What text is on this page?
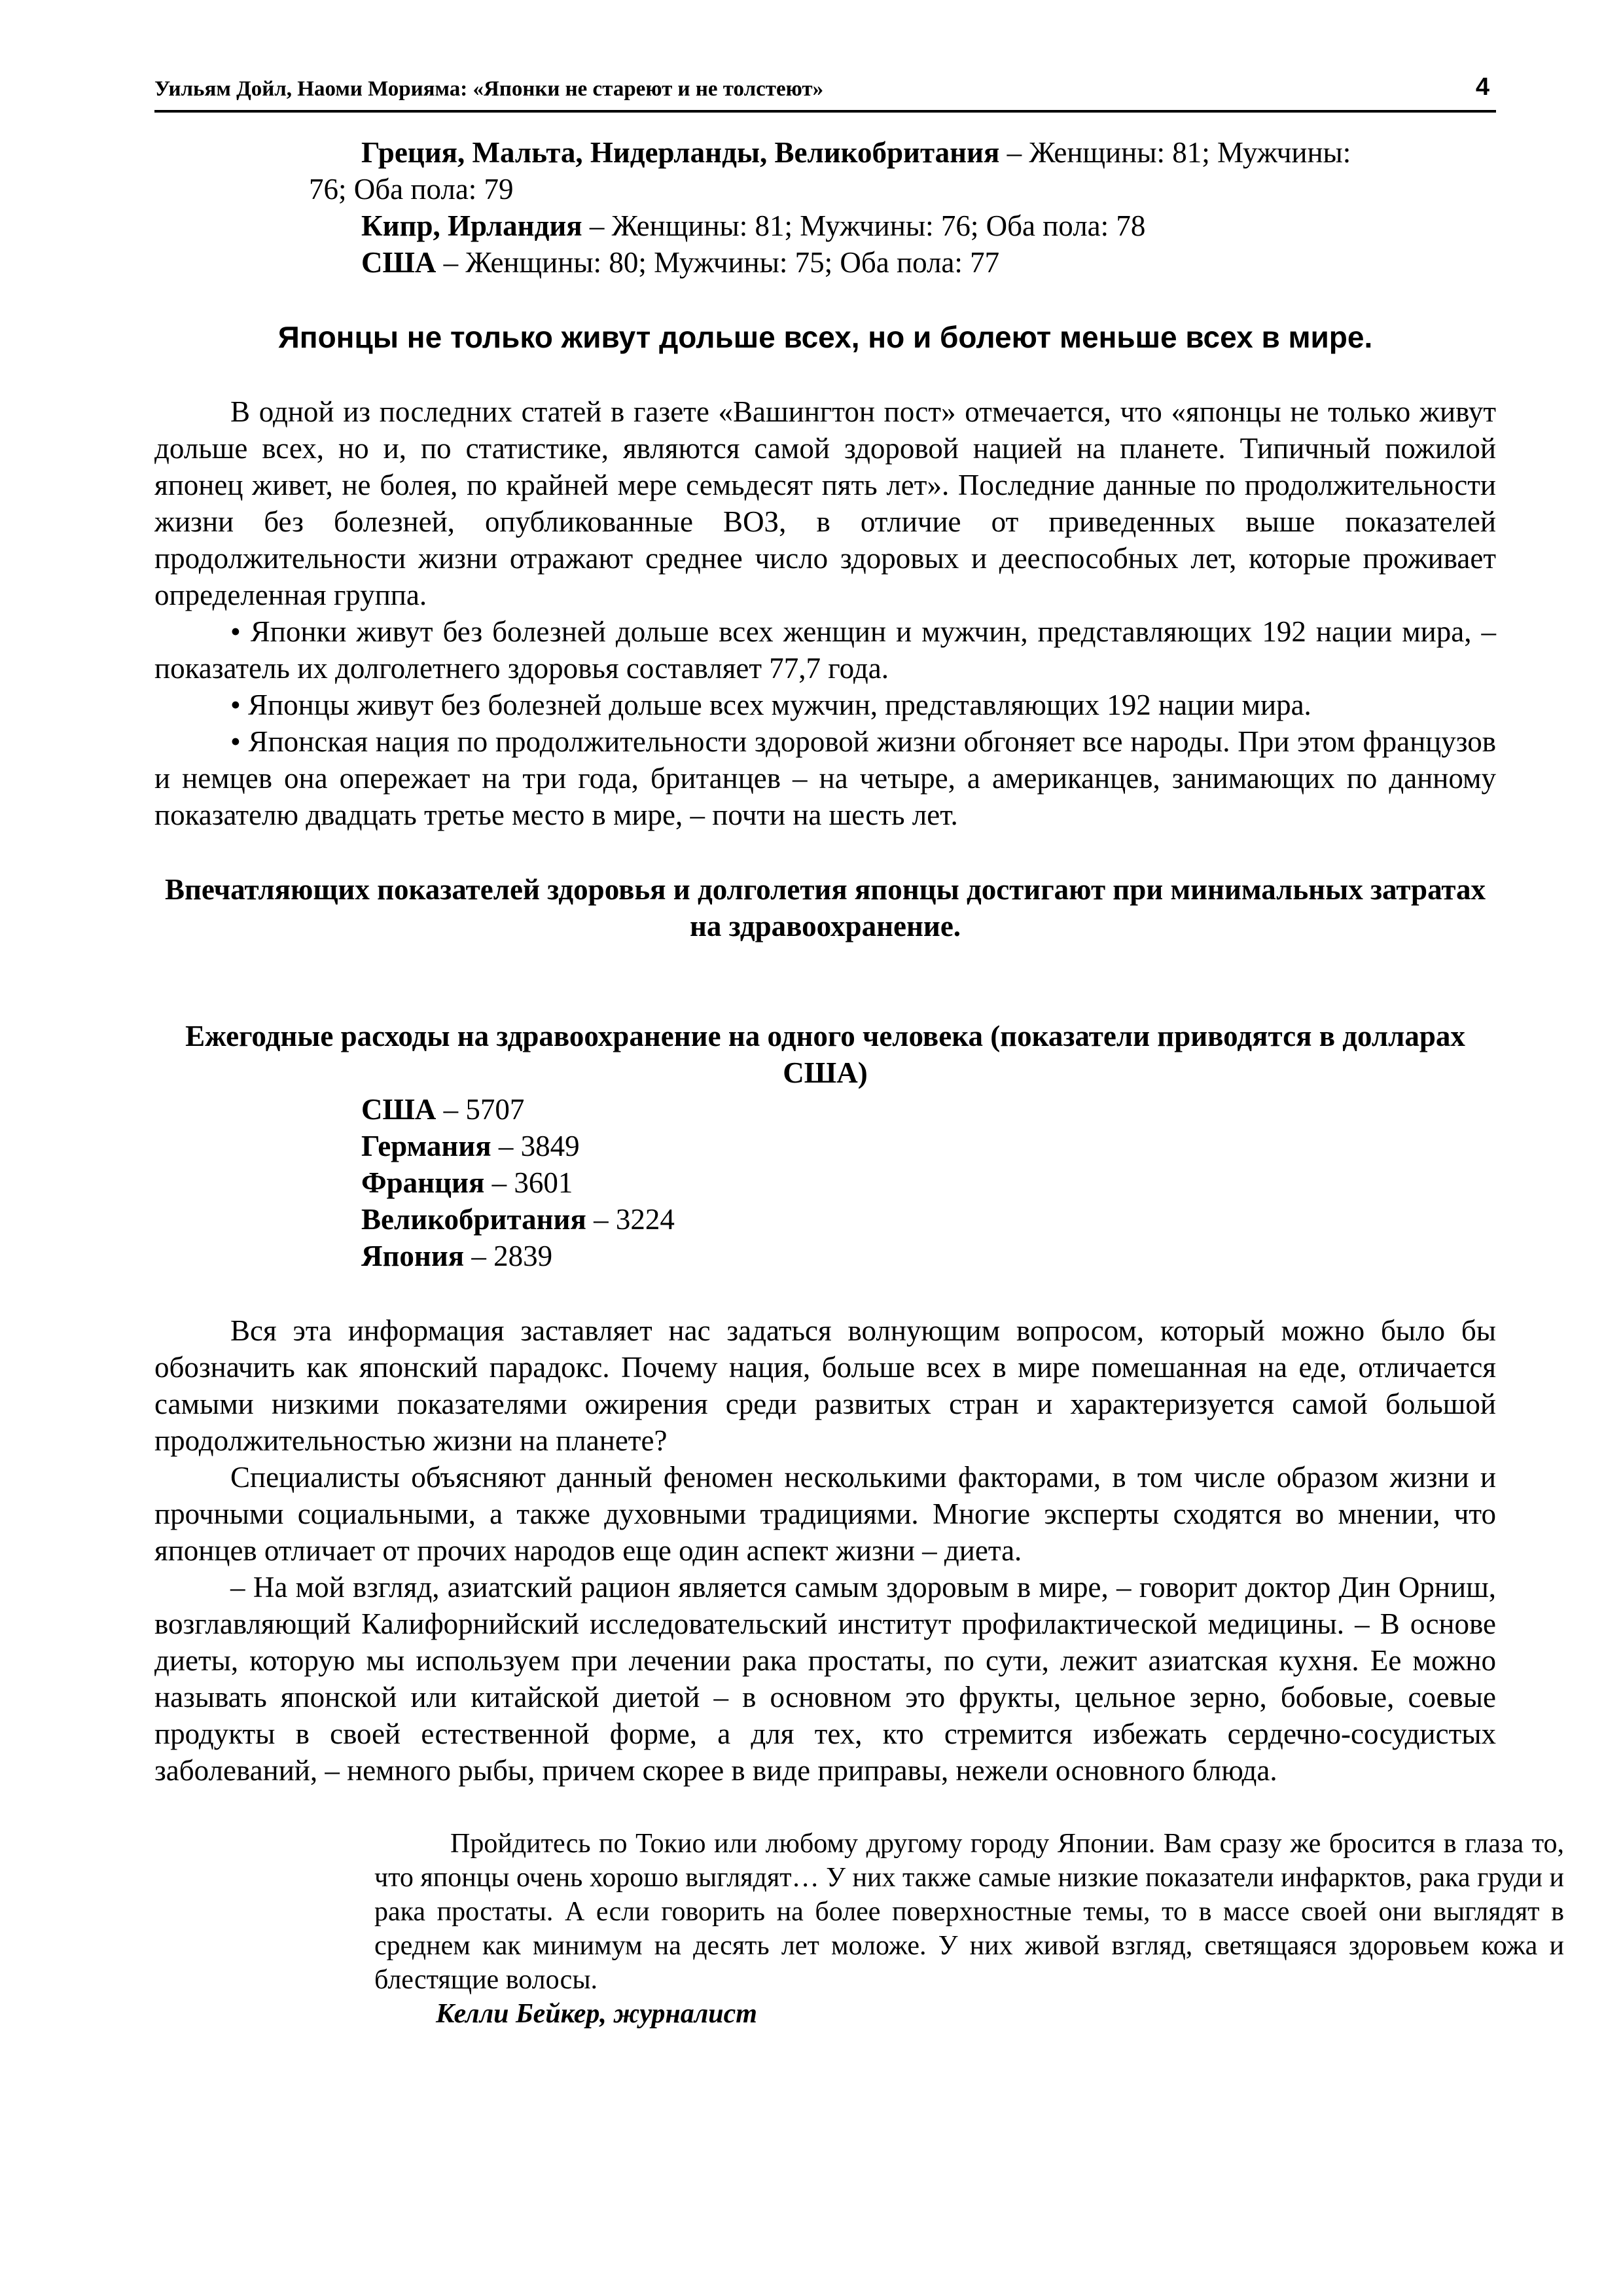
Уильям Дойл, Наоми Морияма: «Японки не стареют и не толстеют»	4
Греция, Мальта, Нидерланды, Великобритания – Женщины: 81; Мужчины:
76; Оба пола: 79
Кипр, Ирландия – Женщины: 81; Мужчины: 76; Оба пола: 78
США – Женщины: 80; Мужчины: 75; Оба пола: 77
Японцы не только живут дольше всех, но и болеют меньше всех в мире.

В одной из последних статей в газете «Вашингтон пост» отмечается, что «японцы не только живут дольше всех, но и, по статистике, являются самой здоровой нацией на планете. Типичный пожилой японец живет, не болея, по крайней мере семьдесят пять лет». Последние данные по продолжительности жизни без болезней, опубликованные ВОЗ, в отличие от приведенных выше показателей продолжительности жизни отражают среднее число здоровых и дееспособных лет, которые проживает определенная группа.

• Японки живут без болезней дольше всех женщин и мужчин, представляющих 192 нации мира, – показатель их долголетнего здоровья составляет 77,7 года.

• Японцы живут без болезней дольше всех мужчин, представляющих 192 нации мира.

• Японская нация по продолжительности здоровой жизни обгоняет все народы. При этом французов и немцев она опережает на три года, британцев – на четыре, а американцев, занимающих по данному показателю двадцать третье место в мире, – почти на шесть лет.

Впечатляющих показателей здоровья и долголетия японцы достигают при минимальных затратах на здравоохранение.
Ежегодные расходы на здравоохранение на одного человека (показатели приводятся в долларах США)
США – 5707
Германия – 3849
Франция – 3601
Великобритания – 3224
Япония – 2839

Вся эта информация заставляет нас задаться волнующим вопросом, который можно было бы обозначить как японский парадокс. Почему нация, больше всех в мире помешанная на еде, отличается самыми низкими показателями ожирения среди развитых стран и характеризуется самой большой продолжительностью жизни на планете?

Специалисты объясняют данный феномен несколькими факторами, в том числе образом жизни и прочными социальными, а также духовными традициями. Многие эксперты сходятся во мнении, что японцев отличает от прочих народов еще один аспект жизни – диета.

– На мой взгляд, азиатский рацион является самым здоровым в мире, – говорит доктор Дин Орниш, возглавляющий Калифорнийский исследовательский институт профилактической медицины. – В основе диеты, которую мы используем при лечении рака простаты, по сути, лежит азиатская кухня. Ее можно называть японской или китайской диетой – в основном это фрукты, цельное зерно, бобовые, соевые продукты в своей естественной форме, а для тех, кто стремится избежать сердечно-сосудистых заболеваний, – немного рыбы, причем скорее в виде приправы, нежели основного блюда.

Пройдитесь по Токио или любому другому городу Японии. Вам сразу же бросится в глаза то, что японцы очень хорошо выглядят… У них также самые низкие показатели инфарктов, рака груди и рака простаты. А если говорить на более поверхностные темы, то в массе своей они выглядят в среднем как минимум на десять лет моложе. У них живой взгляд, светящаяся здоровьем кожа и блестящие волосы.
Келли Бейкер, журналист
